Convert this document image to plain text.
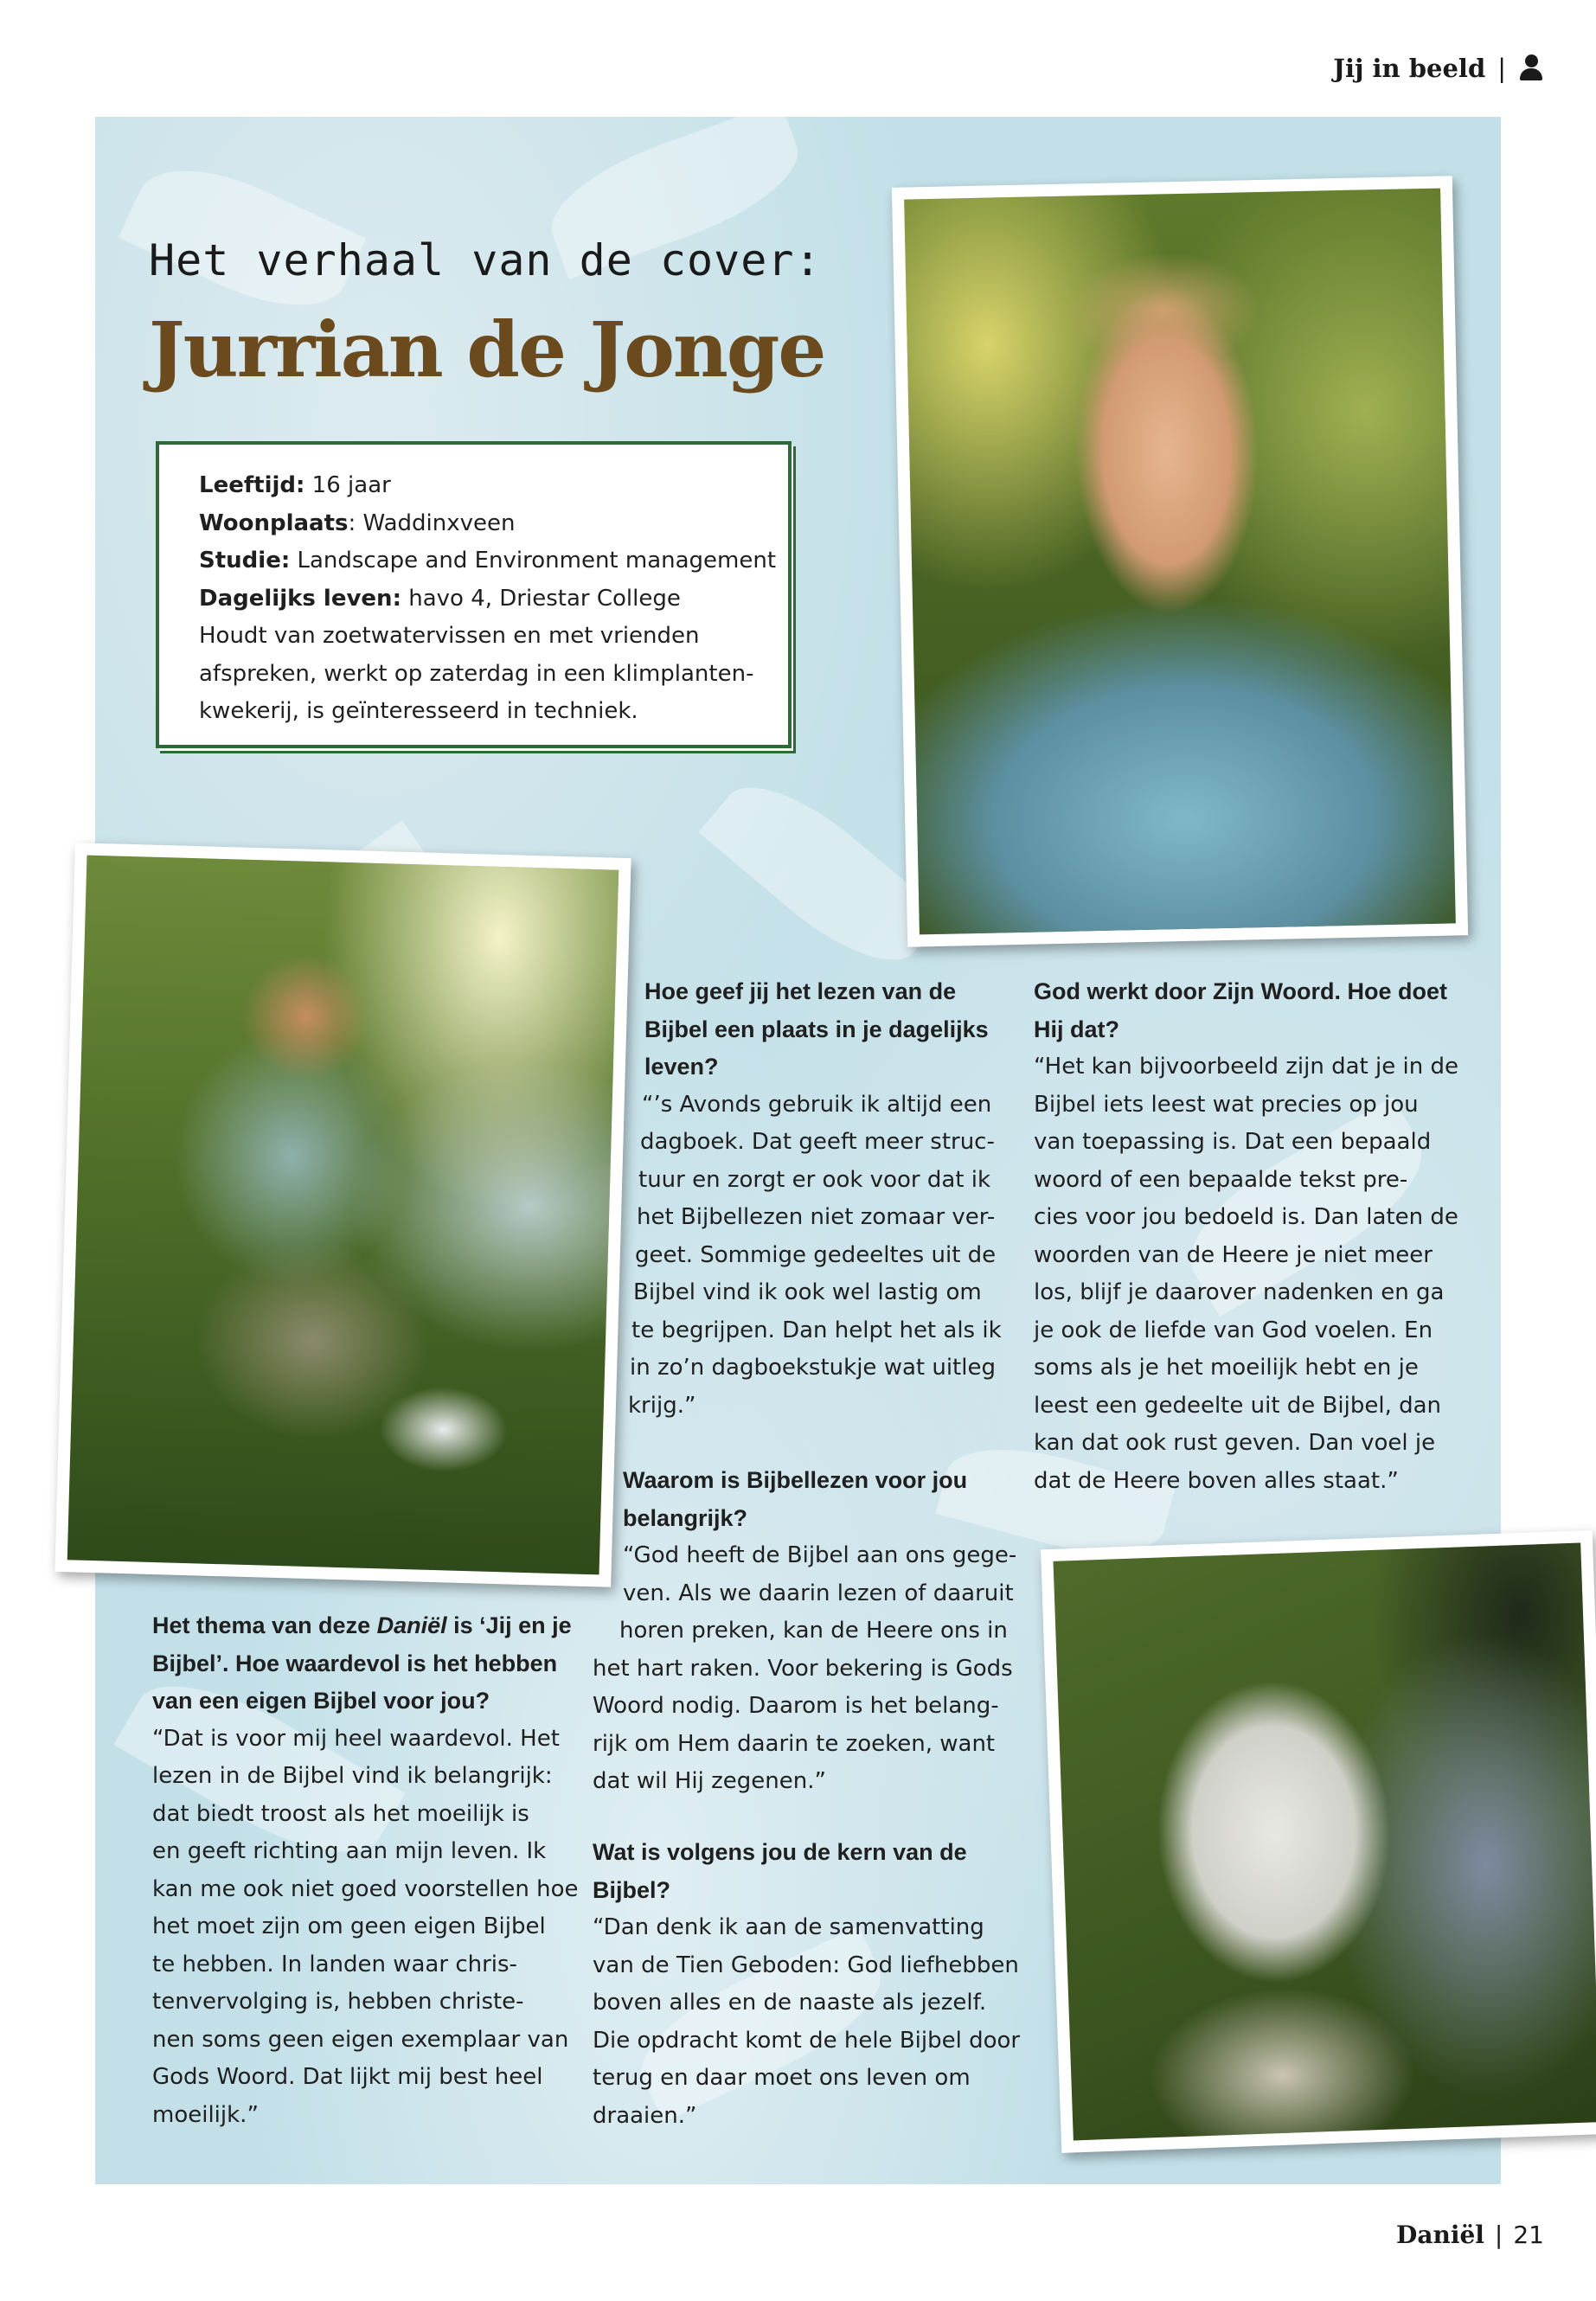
Jij in beeld |
Het verhaal van de cover:
Jurrian de Jonge
Leeftijd: 16 jaar
Woonplaats: Waddinxveen
Studie: Landscape and Environment management
Dagelijks leven: havo 4, Driestar College
Houdt van zoetwatervissen en met vrienden
afspreken, werkt op zaterdag in een klimplanten-
kwekerij, is geïnteresseerd in techniek.

Het thema van deze Daniël is ‘Jij en je
Bijbel’. Hoe waardevol is het hebben
van een eigen Bijbel voor jou?

“Dat is voor mij heel waardevol. Het
lezen in de Bijbel vind ik belangrijk:
dat biedt troost als het moeilijk is
en geeft richting aan mijn leven. Ik
kan me ook niet goed voorstellen hoe
het moet zijn om geen eigen Bijbel
te hebben. In landen waar chris-
tenvervolging is, hebben christe-
nen soms geen eigen exemplaar van
Gods Woord. Dat lijkt mij best heel
moeilijk.”

Hoe geef jij het lezen van de
Bijbel een plaats in je dagelijks
leven?

“’s Avonds gebruik ik altijd een
dagboek. Dat geeft meer struc-
tuur en zorgt er ook voor dat ik
het Bijbellezen niet zomaar ver-
geet. Sommige gedeeltes uit de
Bijbel vind ik ook wel lastig om
te begrijpen. Dan helpt het als ik
in zo’n dagboekstukje wat uitleg
krijg.”

Waarom is Bijbellezen voor jou
belangrijk?

“God heeft de Bijbel aan ons gege-
ven. Als we daarin lezen of daaruit
horen preken, kan de Heere ons in
het hart raken. Voor bekering is Gods
Woord nodig. Daarom is het belang-
rijk om Hem daarin te zoeken, want
dat wil Hij zegenen.”

Wat is volgens jou de kern van de
Bijbel?

“Dan denk ik aan de samenvatting
van de Tien Geboden: God liefhebben
boven alles en de naaste als jezelf.
Die opdracht komt de hele Bijbel door
terug en daar moet ons leven om
draaien.”

God werkt door Zijn Woord. Hoe doet
Hij dat?

“Het kan bijvoorbeeld zijn dat je in de
Bijbel iets leest wat precies op jou
van toepassing is. Dat een bepaald
woord of een bepaalde tekst pre-
cies voor jou bedoeld is. Dan laten de
woorden van de Heere je niet meer
los, blijf je daarover nadenken en ga
je ook de liefde van God voelen. En
soms als je het moeilijk hebt en je
leest een gedeelte uit de Bijbel, dan
kan dat ook rust geven. Dan voel je
dat de Heere boven alles staat.”

Daniël | 21
